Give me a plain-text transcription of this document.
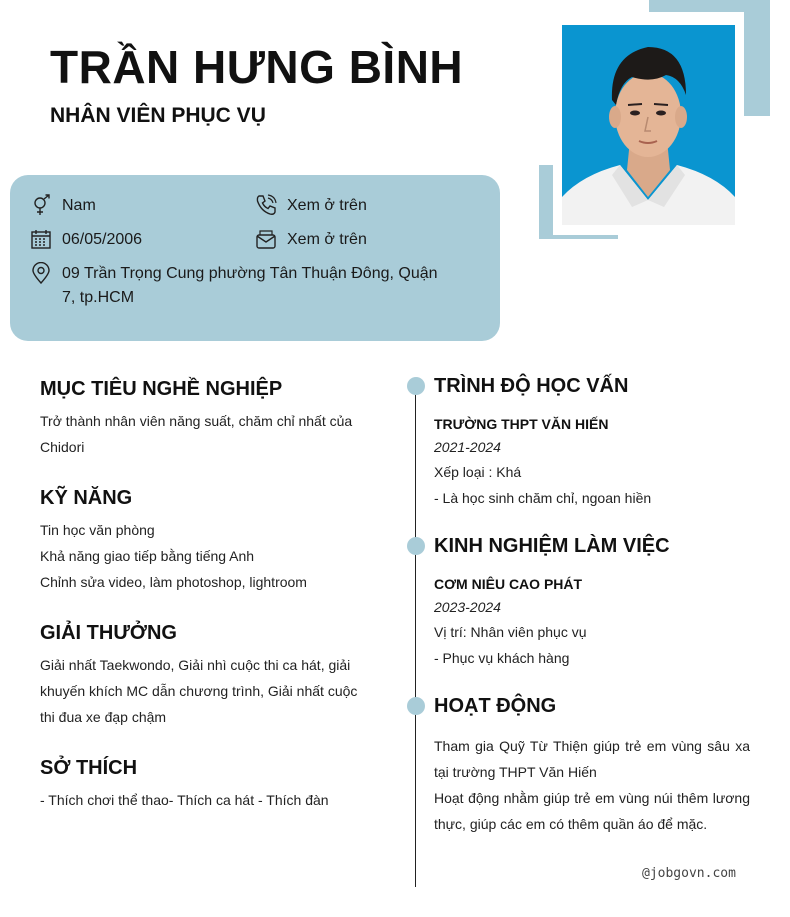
TRẦN HƯNG BÌNH
NHÂN VIÊN PHỤC VỤ
Nam	Xem ở trên
06/05/2006	Xem ở trên
09 Trần Trọng Cung phường Tân Thuận Đông, Quận 7, tp.HCM
MỤC TIÊU NGHỀ NGHIỆP
Trở thành nhân viên năng suất, chăm chỉ nhất của Chidori
KỸ NĂNG
Tin học văn phòng
Khả năng giao tiếp bằng tiếng Anh
Chỉnh sửa video, làm photoshop, lightroom
GIẢI THƯỞNG
Giải nhất Taekwondo, Giải nhì cuộc thi ca hát, giải khuyến khích MC dẫn chương trình, Giải nhất cuộc thi đua xe đạp chậm
SỞ THÍCH
- Thích chơi thể thao- Thích ca hát - Thích đàn
TRÌNH ĐỘ HỌC VẤN
TRƯỜNG THPT VĂN HIẾN
2021-2024
Xếp loại : Khá
- Là học sinh chăm chỉ, ngoan hiền
KINH NGHIỆM LÀM VIỆC
CƠM NIÊU CAO PHÁT
2023-2024
Vị trí: Nhân viên phục vụ
- Phục vụ khách hàng
HOẠT ĐỘNG
Tham gia Quỹ Từ Thiện giúp trẻ em vùng sâu xa tại trường THPT Văn Hiến
Hoạt động nhằm giúp trẻ em vùng núi thêm lương thực, giúp các em có thêm quần áo để mặc.
@jobgovn.com
